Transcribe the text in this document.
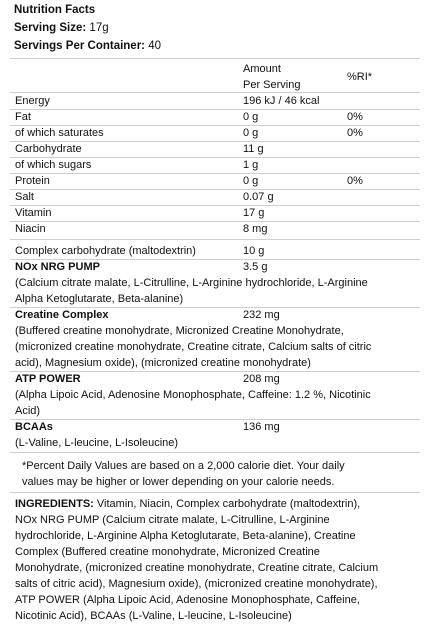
Nutrition Facts
Serving Size: 17g
Servings Per Container: 40
Amount
Per Serving
%RI*
Energy	196 kJ / 46 kcal
Fat	0 g	0%
of which saturates	0 g	0%
Carbohydrate	11 g
of which sugars	1 g
Protein	0 g	0%
Salt	0.07 g
Vitamin	17 g
Niacin	8 mg
Complex carbohydrate (maltodextrin)	10 g
NOx NRG PUMP	3.5 g
(Calcium citrate malate, L-Citrulline, L-Arginine hydrochloride, L-Arginine
Alpha Ketoglutarate, Beta-alanine)
Creatine Complex	232 mg
(Buffered creatine monohydrate, Micronized Creatine Monohydrate,
(micronized creatine monohydrate, Creatine citrate, Calcium salts of citric
acid), Magnesium oxide), (micronized creatine monohydrate)
ATP POWER	208 mg
(Alpha Lipoic Acid, Adenosine Monophosphate, Caffeine: 1.2 %, Nicotinic
Acid)
BCAAs	136 mg
(L-Valine, L-leucine, L-Isoleucine)
*Percent Daily Values are based on a 2,000 calorie diet. Your daily
values may be higher or lower depending on your calorie needs.
INGREDIENTS: Vitamin, Niacin, Complex carbohydrate (maltodextrin),
NOx NRG PUMP (Calcium citrate malate, L-Citrulline, L-Arginine
hydrochloride, L-Arginine Alpha Ketoglutarate, Beta-alanine), Creatine
Complex (Buffered creatine monohydrate, Micronized Creatine
Monohydrate, (micronized creatine monohydrate, Creatine citrate, Calcium
salts of citric acid), Magnesium oxide), (micronized creatine monohydrate),
ATP POWER (Alpha Lipoic Acid, Adenosine Monophosphate, Caffeine,
Nicotinic Acid), BCAAs (L-Valine, L-leucine, L-Isoleucine)
